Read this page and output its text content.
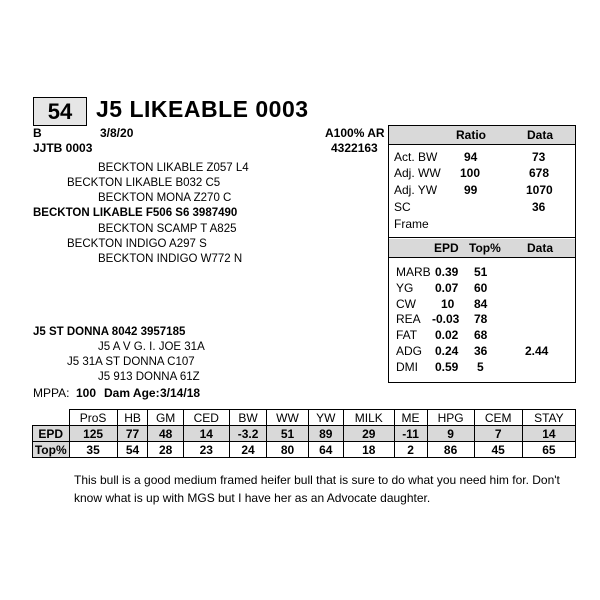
54	J5 LIKEABLE 0003
B	3/8/20
JJTB 0003
A100% AR
4322163
BECKTON LIKABLE Z057 L4
BECKTON LIKABLE B032 C5
BECKTON MONA Z270 C
BECKTON LIKABLE F506 S6 3987490
BECKTON SCAMP T A825
BECKTON INDIGO A297 S
BECKTON INDIGO W772 N
J5 ST DONNA 8042 3957185
J5 A V G. I. JOE 31A
J5 31A ST DONNA C107
J5 913 DONNA 61Z
MPPA: 100 Dam Age: 3/14/18
Ratio	Data
Act. BW 94	73
Adj. WW 100	678
Adj. YW 99	1070
SC	36
Frame
EPD Top% Data
MARB 0.39 51
YG 0.07 60
CW 10 84
REA -0.03 78
FAT 0.02 68
ADG 0.24 36	2.44
DMI 0.59 5
	ProS	HB	GM	CED	BW	WW	YW	MILK	ME	HPG	CEM	STAY
EPD	125	77	48	14	-3.2	51	89	29	-11	9	7	14
Top%	35	54	28	23	24	80	64	18	2	86	45	65
This bull is a good medium framed heifer bull that is sure to do what you need him for. Don't know what is up with MGS but I have her as an Advocate daughter.
